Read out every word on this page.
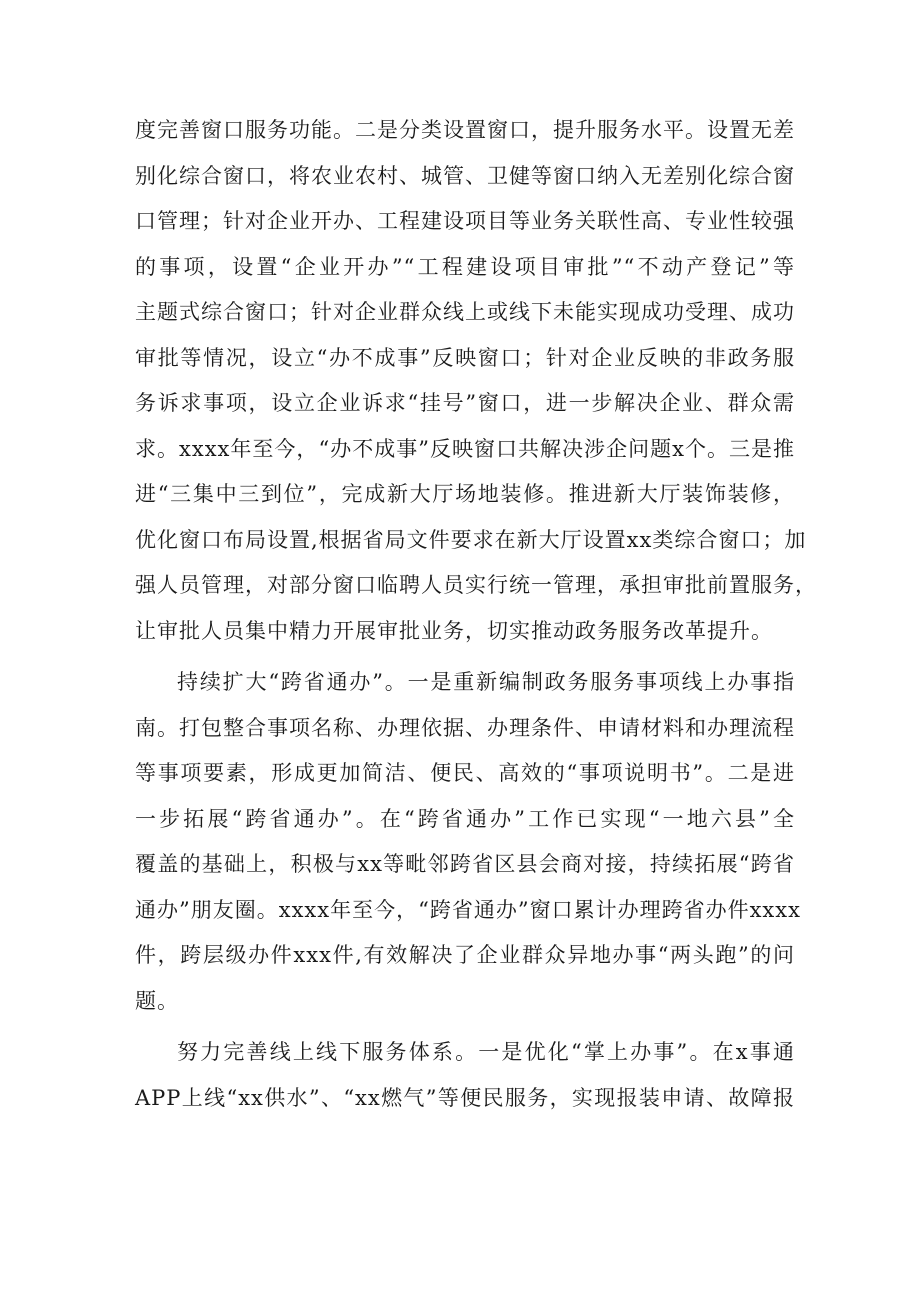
度完善窗口服务功能。二是分类设置窗口，提升服务水平。设置无差
别化综合窗口，将农业农村、城管、卫健等窗口纳入无差别化综合窗
口管理；针对企业开办、工程建设项目等业务关联性高、专业性较强
的事项，设置“企业开办”“工程建设项目审批”“不动产登记”等
主题式综合窗口；针对企业群众线上或线下未能实现成功受理、成功
审批等情况，设立“办不成事”反映窗口；针对企业反映的非政务服
务诉求事项，设立企业诉求“挂号”窗口，进一步解决企业、群众需
求。xxxx年至今，“办不成事”反映窗口共解决涉企问题x个。三是推
进“三集中三到位”，完成新大厅场地装修。推进新大厅装饰装修，
优化窗口布局设置,根据省局文件要求在新大厅设置xx类综合窗口；加
强人员管理，对部分窗口临聘人员实行统一管理，承担审批前置服务，
让审批人员集中精力开展审批业务，切实推动政务服务改革提升。
持续扩大“跨省通办”。一是重新编制政务服务事项线上办事指
南。打包整合事项名称、办理依据、办理条件、申请材料和办理流程
等事项要素，形成更加简洁、便民、高效的“事项说明书”。二是进
一步拓展“跨省通办”。在“跨省通办”工作已实现“一地六县”全
覆盖的基础上，积极与xx等毗邻跨省区县会商对接，持续拓展“跨省
通办”朋友圈。xxxx年至今，“跨省通办”窗口累计办理跨省办件xxxx
件，跨层级办件xxx件,有效解决了企业群众异地办事“两头跑”的问
题。
努力完善线上线下服务体系。一是优化“掌上办事”。在x事通
APP上线“xx供水”、“xx燃气”等便民服务，实现报装申请、故障报
